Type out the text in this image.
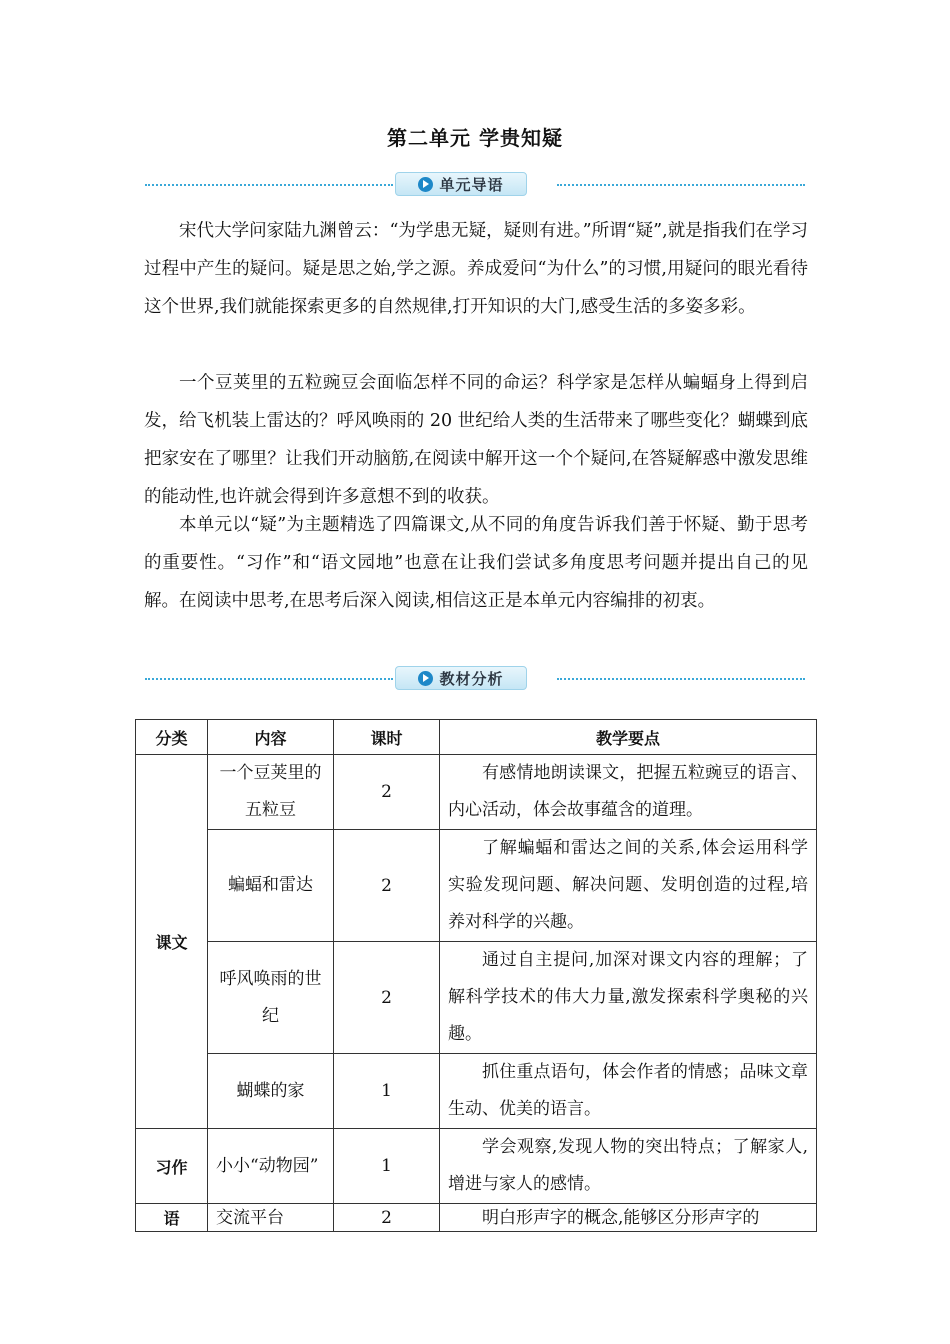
第二单元 学贵知疑
单元导语

宋代大学问家陆九渊曾云：“为学患无疑，疑则有进。”所谓“疑”,就是指我们在学习过程中产生的疑问。疑是思之始,学之源。养成爱问“为什么”的习惯,用疑问的眼光看待这个世界,我们就能探索更多的自然规律,打开知识的大门,感受生活的多姿多彩。

一个豆荚里的五粒豌豆会面临怎样不同的命运？科学家是怎样从蝙蝠身上得到启发，给飞机装上雷达的？呼风唤雨的 20 世纪给人类的生活带来了哪些变化？蝴蝶到底把家安在了哪里？让我们开动脑筋,在阅读中解开这一个个疑问,在答疑解惑中激发思维的能动性,也许就会得到许多意想不到的收获。

本单元以“疑”为主题精选了四篇课文,从不同的角度告诉我们善于怀疑、勤于思考的重要性。“习作”和“语文园地”也意在让我们尝试多角度思考问题并提出自己的见解。在阅读中思考,在思考后深入阅读,相信这正是本单元内容编排的初衷。

教材分析
分类	内容	课时	教学要点
课文	一个豆荚里的五粒豆	2	有感情地朗读课文，把握五粒豌豆的语言、内心活动，体会故事蕴含的道理。
	蝙蝠和雷达	2	了解蝙蝠和雷达之间的关系,体会运用科学实验发现问题、解决问题、发明创造的过程,培养对科学的兴趣。
	呼风唤雨的世纪	2	通过自主提问,加深对课文内容的理解；了解科学技术的伟大力量,激发探索科学奥秘的兴趣。
	蝴蝶的家	1	抓住重点语句，体会作者的情感；品味文章生动、优美的语言。
习作	小小“动物园”	1	学会观察,发现人物的突出特点；了解家人,增进与家人的感情。
语	交流平台	2	明白形声字的概念,能够区分形声字的
